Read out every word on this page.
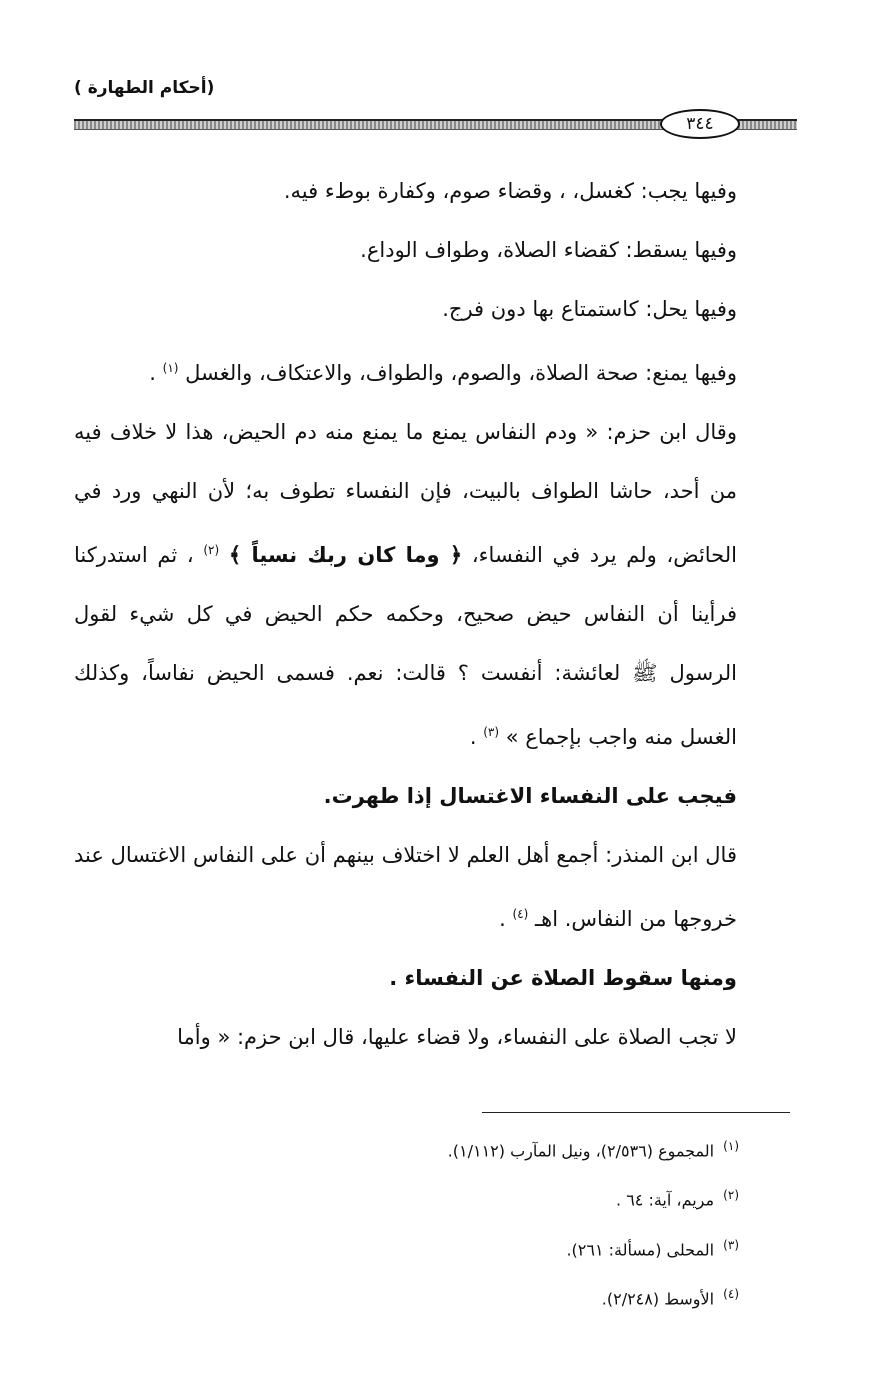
(أحكام الطهارة )
٣٤٤

وفيها يجب: كغسل، ، وقضاء صوم، وكفارة بوطء فيه.

وفيها يسقط: كقضاء الصلاة، وطواف الوداع.

وفيها يحل: كاستمتاع بها دون فرج.

وفيها يمنع: صحة الصلاة، والصوم، والطواف، والاعتكاف، والغسل $^{(١)}$ .

وقال ابن حزم: « ودم النفاس يمنع ما يمنع منه دم الحيض، هذا لا خلاف فيه من أحد، حاشا الطواف بالبيت، فإن النفساء تطوف به؛ لأن النهي ورد في الحائض، ولم يرد في النفساء، ﴿ وما كان ربك نسياً ﴾ $^{(٢)}$ ، ثم استدركنا فرأينا أن النفاس حيض صحيح، وحكمه حكم الحيض في كل شيء لقول الرسول ﷺ لعائشة: أنفست ؟ قالت: نعم. فسمى الحيض نفاساً، وكذلك الغسل منه واجب بإجماع » $^{(٣)}$ .

فيجب على النفساء الاغتسال إذا طهرت.

قال ابن المنذر: أجمع أهل العلم لا اختلاف بينهم أن على النفاس الاغتسال عند خروجها من النفاس. اهـ $^{(٤)}$ .

ومنها سقوط الصلاة عن النفساء .

لا تجب الصلاة على النفساء، ولا قضاء عليها، قال ابن حزم: « وأما

$^{(١)}$ المجموع (٢/٥٣٦)، ونيل المآرب (١/١١٢).
$^{(٢)}$ مريم، آية: ٦٤ .
$^{(٣)}$ المحلى (مسألة: ٢٦١).
$^{(٤)}$ الأوسط (٢/٢٤٨).
